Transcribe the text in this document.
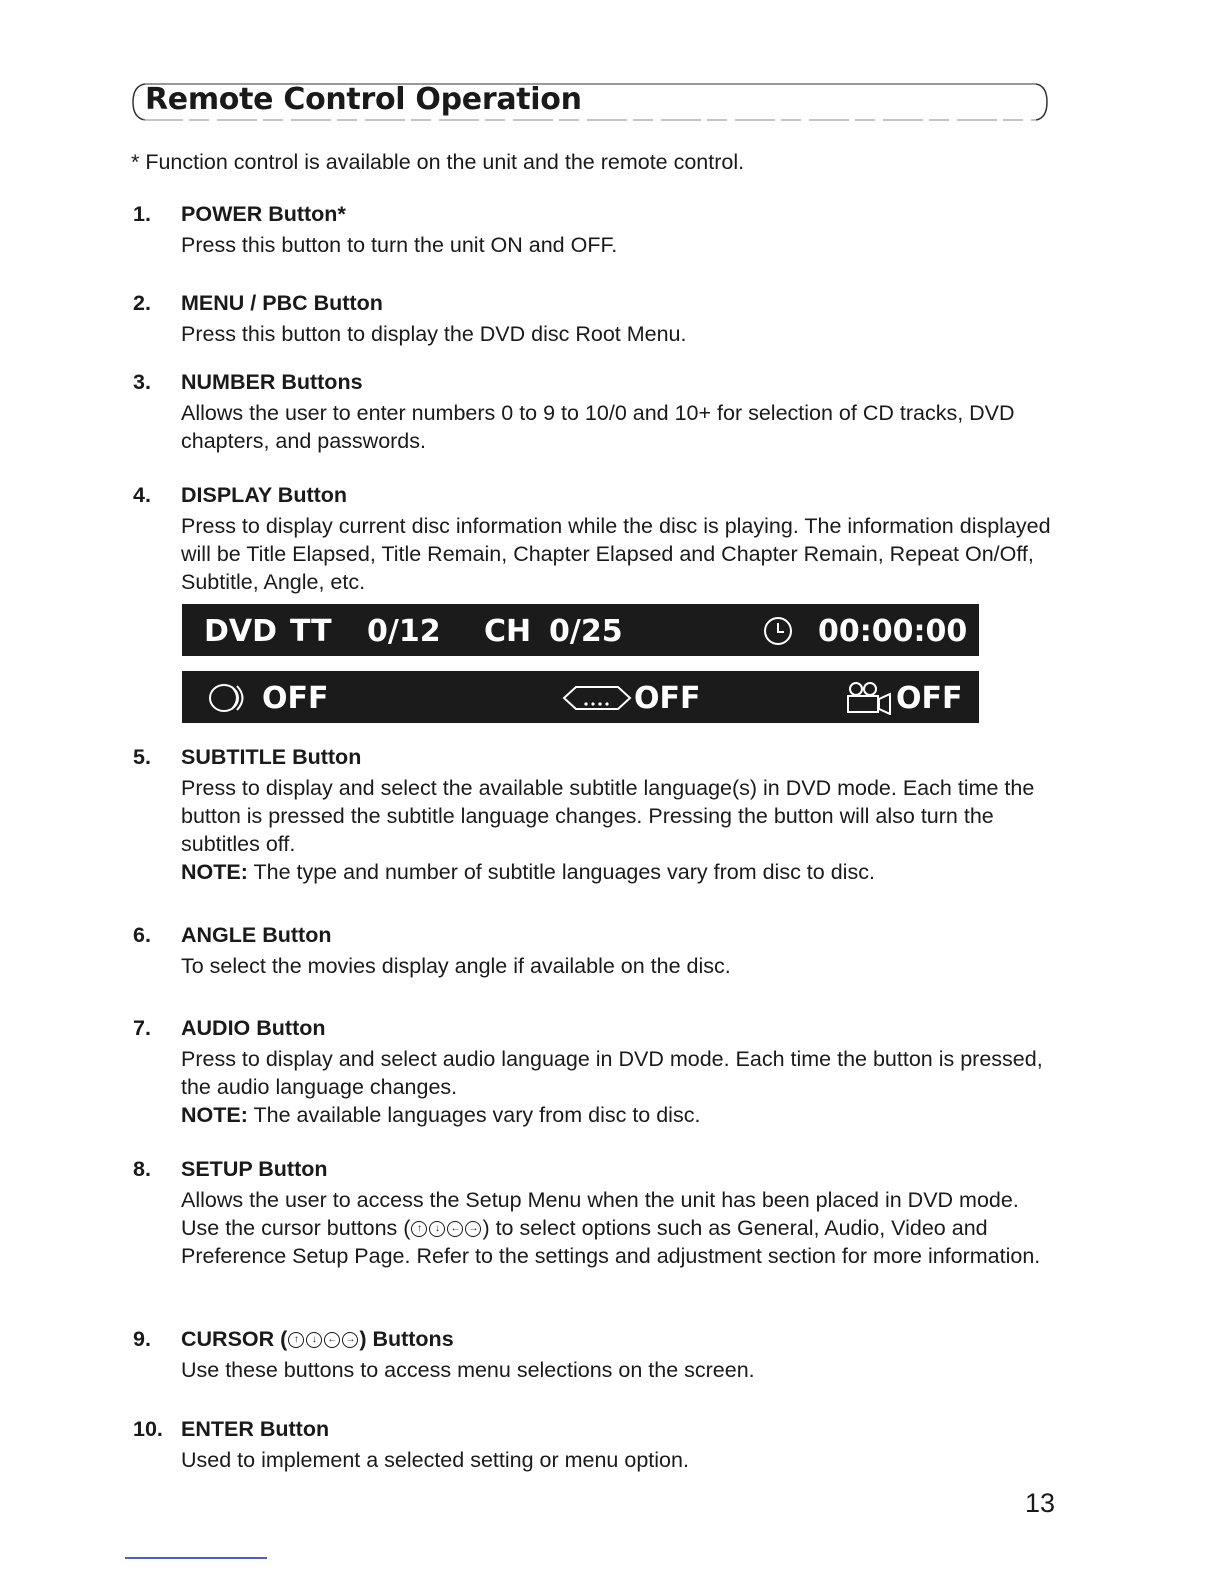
Remote Control Operation
* Function control is available on the unit and the remote control.
1. POWER Button*
Press this button to turn the unit ON and OFF.
2. MENU / PBC Button
Press this button to display the DVD disc Root Menu.
3. NUMBER Buttons
Allows the user to enter numbers 0 to 9 to 10/0 and 10+ for selection of CD tracks, DVD chapters, and passwords.
4. DISPLAY Button
Press to display current disc information while the disc is playing. The information displayed will be Title Elapsed, Title Remain, Chapter Elapsed and Chapter Remain, Repeat On/Off, Subtitle, Angle, etc.
DVD TT 0/12 CH 0/25	00:00:00
OFF	OFF	OFF
5. SUBTITLE Button
Press to display and select the available subtitle language(s) in DVD mode. Each time the button is pressed the subtitle language changes. Pressing the button will also turn the subtitles off.
NOTE: The type and number of subtitle languages vary from disc to disc.
6. ANGLE Button
To select the movies display angle if available on the disc.
7. AUDIO Button
Press to display and select audio language in DVD mode. Each time the button is pressed, the audio language changes.
NOTE: The available languages vary from disc to disc.
8. SETUP Button
Allows the user to access the Setup Menu when the unit has been placed in DVD mode. Use the cursor buttons ( ↑ ↓ ← → ) to select options such as General, Audio, Video and Preference Setup Page. Refer to the settings and adjustment section for more information.
9. CURSOR ( ↑ ↓ ← → ) Buttons
Use these buttons to access menu selections on the screen.
10. ENTER Button
Used to implement a selected setting or menu option.
13
